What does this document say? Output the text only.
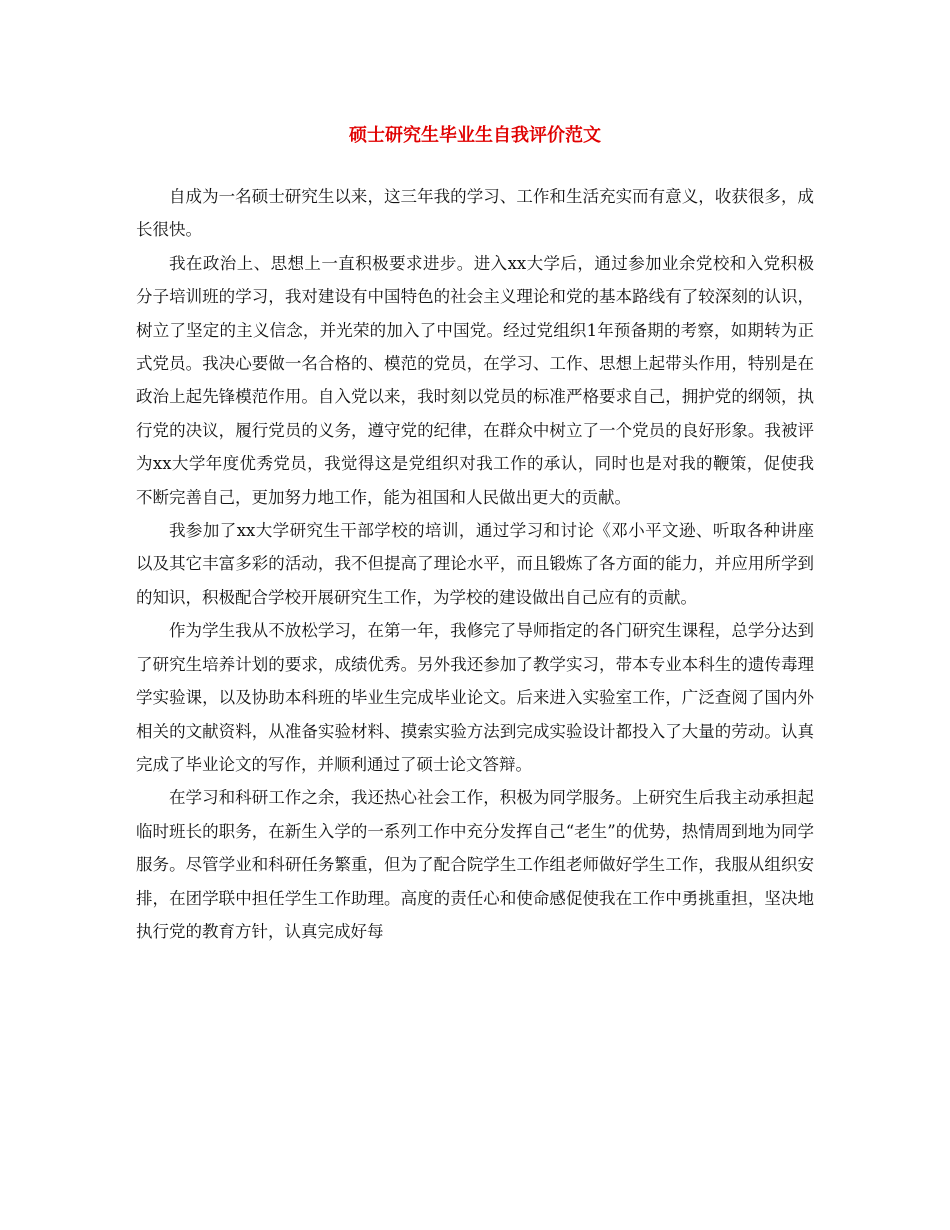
硕士研究生毕业生自我评价范文

自成为一名硕士研究生以来，这三年我的学习、工作和生活充实而有意义，收获很多，成长很快。

我在政治上、思想上一直积极要求进步。进入xx大学后，通过参加业余党校和入党积极分子培训班的学习，我对建设有中国特色的社会主义理论和党的基本路线有了较深刻的认识，树立了坚定的主义信念，并光荣的加入了中国党。经过党组织1年预备期的考察，如期转为正式党员。我决心要做一名合格的、模范的党员，在学习、工作、思想上起带头作用，特别是在政治上起先锋模范作用。自入党以来，我时刻以党员的标准严格要求自己，拥护党的纲领，执行党的决议，履行党员的义务，遵守党的纪律，在群众中树立了一个党员的良好形象。我被评为xx大学年度优秀党员，我觉得这是党组织对我工作的承认，同时也是对我的鞭策，促使我不断完善自己，更加努力地工作，能为祖国和人民做出更大的贡献。

我参加了xx大学研究生干部学校的培训，通过学习和讨论《邓小平文逊、听取各种讲座以及其它丰富多彩的活动，我不但提高了理论水平，而且锻炼了各方面的能力，并应用所学到的知识，积极配合学校开展研究生工作，为学校的建设做出自己应有的贡献。

作为学生我从不放松学习，在第一年，我修完了导师指定的各门研究生课程，总学分达到了研究生培养计划的要求，成绩优秀。另外我还参加了教学实习，带本专业本科生的遗传毒理学实验课，以及协助本科班的毕业生完成毕业论文。后来进入实验室工作，广泛查阅了国内外相关的文献资料，从准备实验材料、摸索实验方法到完成实验设计都投入了大量的劳动。认真完成了毕业论文的写作，并顺利通过了硕士论文答辩。

在学习和科研工作之余，我还热心社会工作，积极为同学服务。上研究生后我主动承担起临时班长的职务，在新生入学的一系列工作中充分发挥自己“老生”的优势，热情周到地为同学服务。尽管学业和科研任务繁重，但为了配合院学生工作组老师做好学生工作，我服从组织安排，在团学联中担任学生工作助理。高度的责任心和使命感促使我在工作中勇挑重担，坚决地执行党的教育方针，认真完成好每
